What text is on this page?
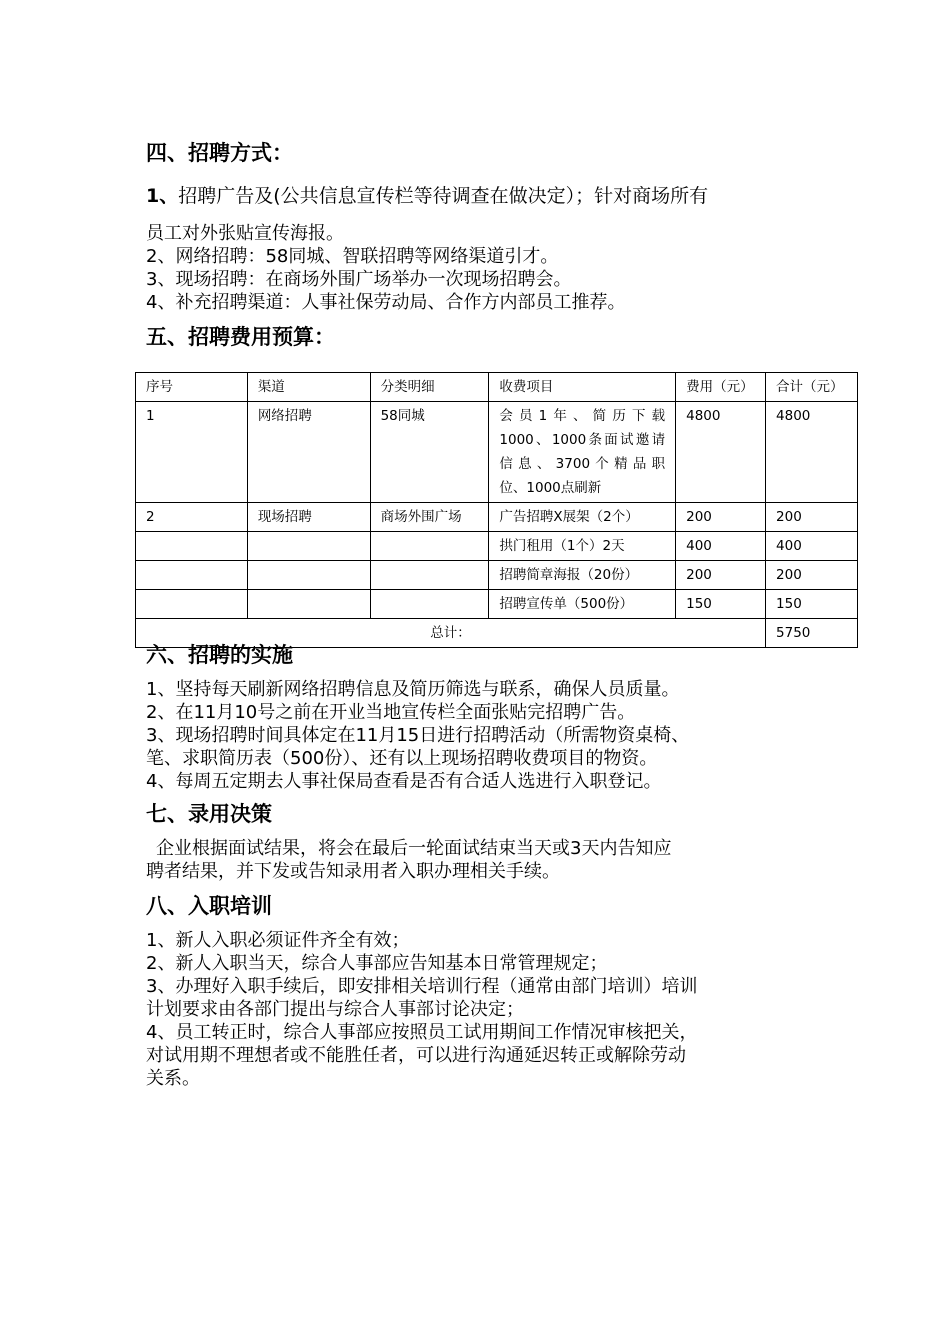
四、招聘方式：

1、招聘广告及(公共信息宣传栏等待调查在做决定）；针对商场所有

员工对外张贴宣传海报。

2、网络招聘：58同城、智联招聘等网络渠道引才。

3、现场招聘：在商场外围广场举办一次现场招聘会。

4、补充招聘渠道：人事社保劳动局、合作方内部员工推荐。

五、招聘费用预算：
序号	渠道	分类明细	收费项目	费用（元）	合计（元）
1	网络招聘	58同城	会员1年、简历下载
1000、1000条面试邀请
信息、3700个精品职
位、1000点刷新	4800	4800
2	现场招聘	商场外围广场	广告招聘X展架（2个）	200	200
			拱门租用（1个）2天	400	400
			招聘简章海报（20份）	200	200
			招聘宣传单（500份）	150	150
总计：					5750
六、招聘的实施

1、坚持每天刷新网络招聘信息及简历筛选与联系，确保人员质量。

2、在11月10号之前在开业当地宣传栏全面张贴完招聘广告。

3、现场招聘时间具体定在11月15日进行招聘活动（所需物资桌椅、

笔、求职简历表（500份）、还有以上现场招聘收费项目的物资。

4、每周五定期去人事社保局查看是否有合适人选进行入职登记。

七、录用决策

企业根据面试结果，将会在最后一轮面试结束当天或3天内告知应

聘者结果，并下发或告知录用者入职办理相关手续。

八、入职培训

1、新人入职必须证件齐全有效；

2、新人入职当天，综合人事部应告知基本日常管理规定；

3、办理好入职手续后，即安排相关培训行程（通常由部门培训）培训

计划要求由各部门提出与综合人事部讨论决定；

4、员工转正时，综合人事部应按照员工试用期间工作情况审核把关，

对试用期不理想者或不能胜任者，可以进行沟通延迟转正或解除劳动

关系。
